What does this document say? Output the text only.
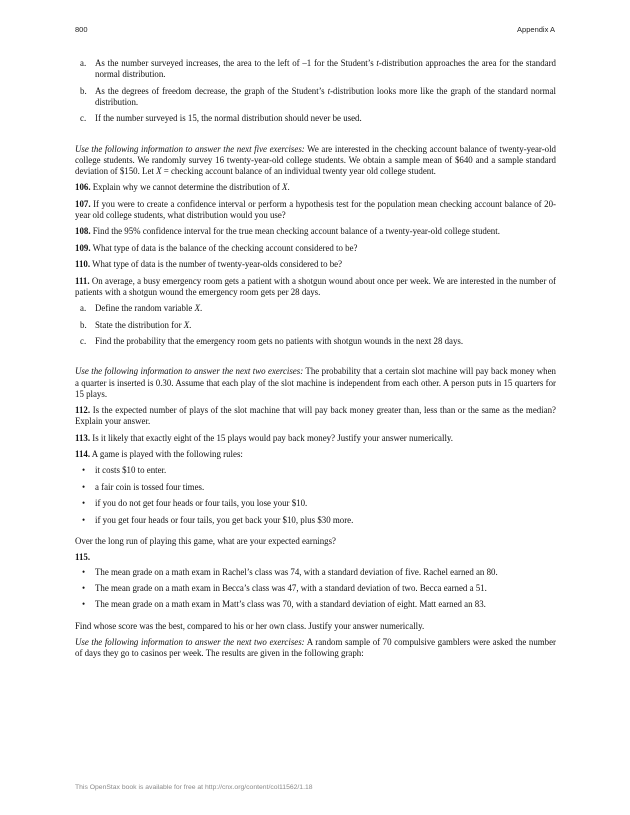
800	Appendix A
a. As the number surveyed increases, the area to the left of –1 for the Student’s t-distribution approaches the area for the standard normal distribution.
b. As the degrees of freedom decrease, the graph of the Student’s t-distribution looks more like the graph of the standard normal distribution.
c. If the number surveyed is 15, the normal distribution should never be used.

Use the following information to answer the next five exercises: We are interested in the checking account balance of twenty-year-old college students. We randomly survey 16 twenty-year-old college students. We obtain a sample mean of $640 and a sample standard deviation of $150. Let X = checking account balance of an individual twenty year old college student.

106. Explain why we cannot determine the distribution of X.

107. If you were to create a confidence interval or perform a hypothesis test for the population mean checking account balance of 20-year old college students, what distribution would you use?

108. Find the 95% confidence interval for the true mean checking account balance of a twenty-year-old college student.

109. What type of data is the balance of the checking account considered to be?

110. What type of data is the number of twenty-year-olds considered to be?

111. On average, a busy emergency room gets a patient with a shotgun wound about once per week. We are interested in the number of patients with a shotgun wound the emergency room gets per 28 days.

a. Define the random variable X.
b. State the distribution for X.
c. Find the probability that the emergency room gets no patients with shotgun wounds in the next 28 days.

Use the following information to answer the next two exercises: The probability that a certain slot machine will pay back money when a quarter is inserted is 0.30. Assume that each play of the slot machine is independent from each other. A person puts in 15 quarters for 15 plays.

112. Is the expected number of plays of the slot machine that will pay back money greater than, less than or the same as the median? Explain your answer.

113. Is it likely that exactly eight of the 15 plays would pay back money? Justify your answer numerically.

114. A game is played with the following rules:

• it costs $10 to enter.
• a fair coin is tossed four times.
• if you do not get four heads or four tails, you lose your $10.
• if you get four heads or four tails, you get back your $10, plus $30 more.

Over the long run of playing this game, what are your expected earnings?

115.

• The mean grade on a math exam in Rachel’s class was 74, with a standard deviation of five. Rachel earned an 80.
• The mean grade on a math exam in Becca’s class was 47, with a standard deviation of two. Becca earned a 51.
• The mean grade on a math exam in Matt’s class was 70, with a standard deviation of eight. Matt earned an 83.

Find whose score was the best, compared to his or her own class. Justify your answer numerically.

Use the following information to answer the next two exercises: A random sample of 70 compulsive gamblers were asked the number of days they go to casinos per week. The results are given in the following graph:

This OpenStax book is available for free at http://cnx.org/content/col11562/1.18
